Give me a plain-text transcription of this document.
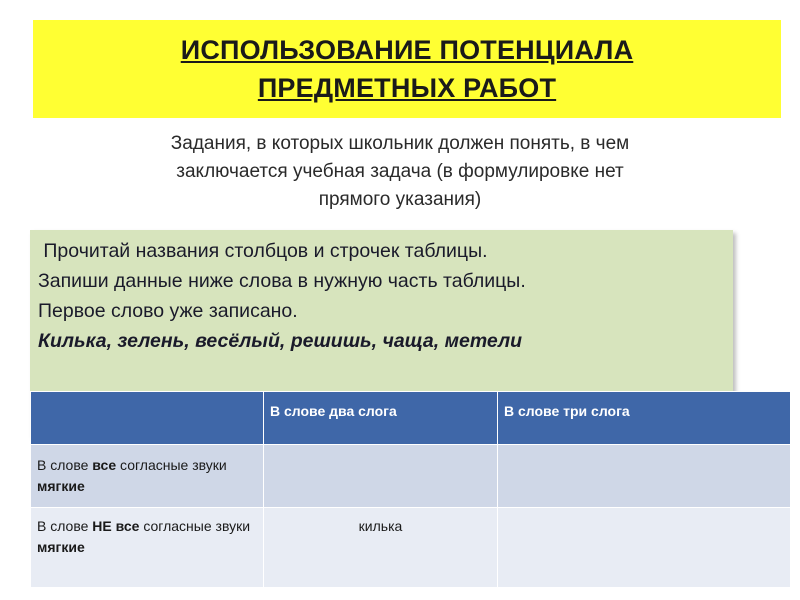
ИСПОЛЬЗОВАНИЕ ПОТЕНЦИАЛА
ПРЕДМЕТНЫХ РАБОТ
Задания, в которых школьник должен понять, в чем
заключается учебная задача (в формулировке нет
прямого указания)
Прочитай названия столбцов и строчек таблицы.
Запиши данные ниже слова в нужную часть таблицы.
Первое слово уже записано.
Килька, зелень, весёлый, решишь, чаща, метели
	В слове два слога	В слове три слога
В слове все согласные звуки мягкие		
В слове НЕ все согласные звуки мягкие	килька	
